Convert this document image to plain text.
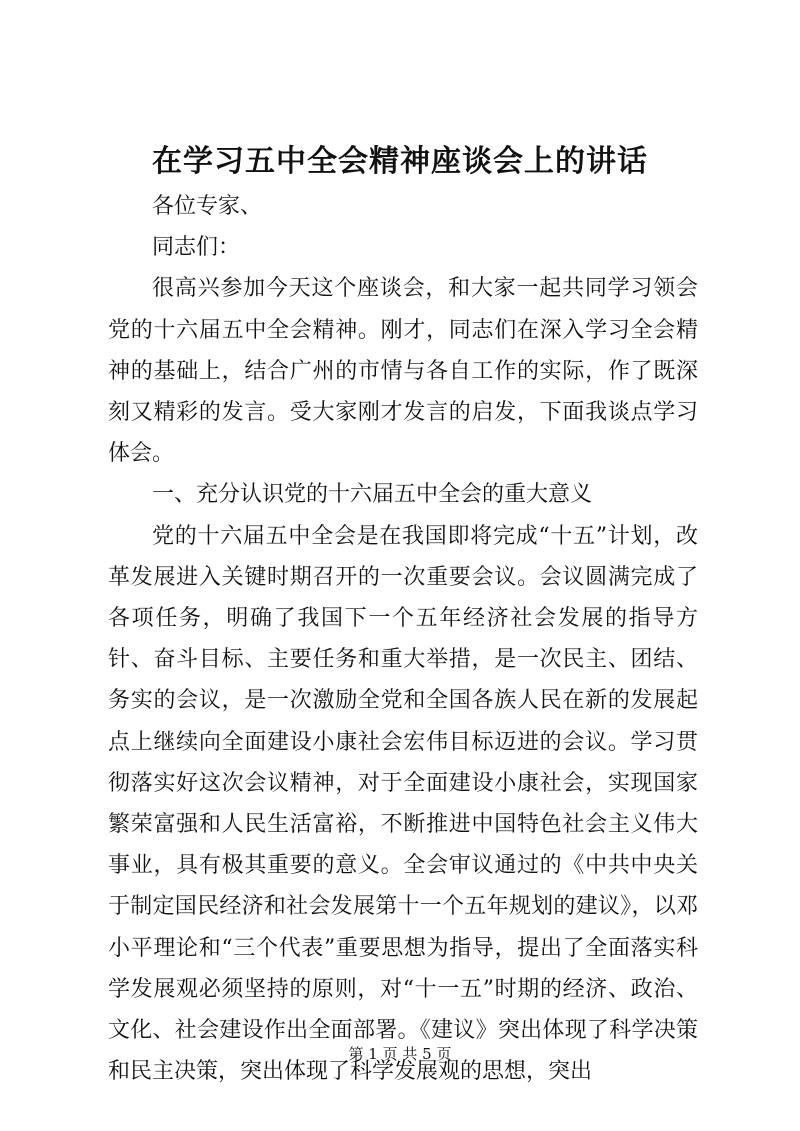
在学习五中全会精神座谈会上的讲话

各位专家、

同志们：

很高兴参加今天这个座谈会，和大家一起共同学习领会党的十六届五中全会精神。刚才，同志们在深入学习全会精神的基础上，结合广州的市情与各自工作的实际，作了既深刻又精彩的发言。受大家刚才发言的启发，下面我谈点学习体会。

一、充分认识党的十六届五中全会的重大意义

党的十六届五中全会是在我国即将完成“十五”计划，改革发展进入关键时期召开的一次重要会议。会议圆满完成了各项任务，明确了我国下一个五年经济社会发展的指导方针、奋斗目标、主要任务和重大举措，是一次民主、团结、务实的会议，是一次激励全党和全国各族人民在新的发展起点上继续向全面建设小康社会宏伟目标迈进的会议。学习贯彻落实好这次会议精神，对于全面建设小康社会，实现国家繁荣富强和人民生活富裕，不断推进中国特色社会主义伟大事业，具有极其重要的意义。全会审议通过的《中共中央关于制定国民经济和社会发展第十一个五年规划的建议》，以邓小平理论和“三个代表”重要思想为指导，提出了全面落实科学发展观必须坚持的原则，对“十一五”时期的经济、政治、文化、社会建设作出全面部署。《建议》突出体现了科学决策和民主决策，突出体现了科学发展观的思想，突出

第 1 页 共 5 页
